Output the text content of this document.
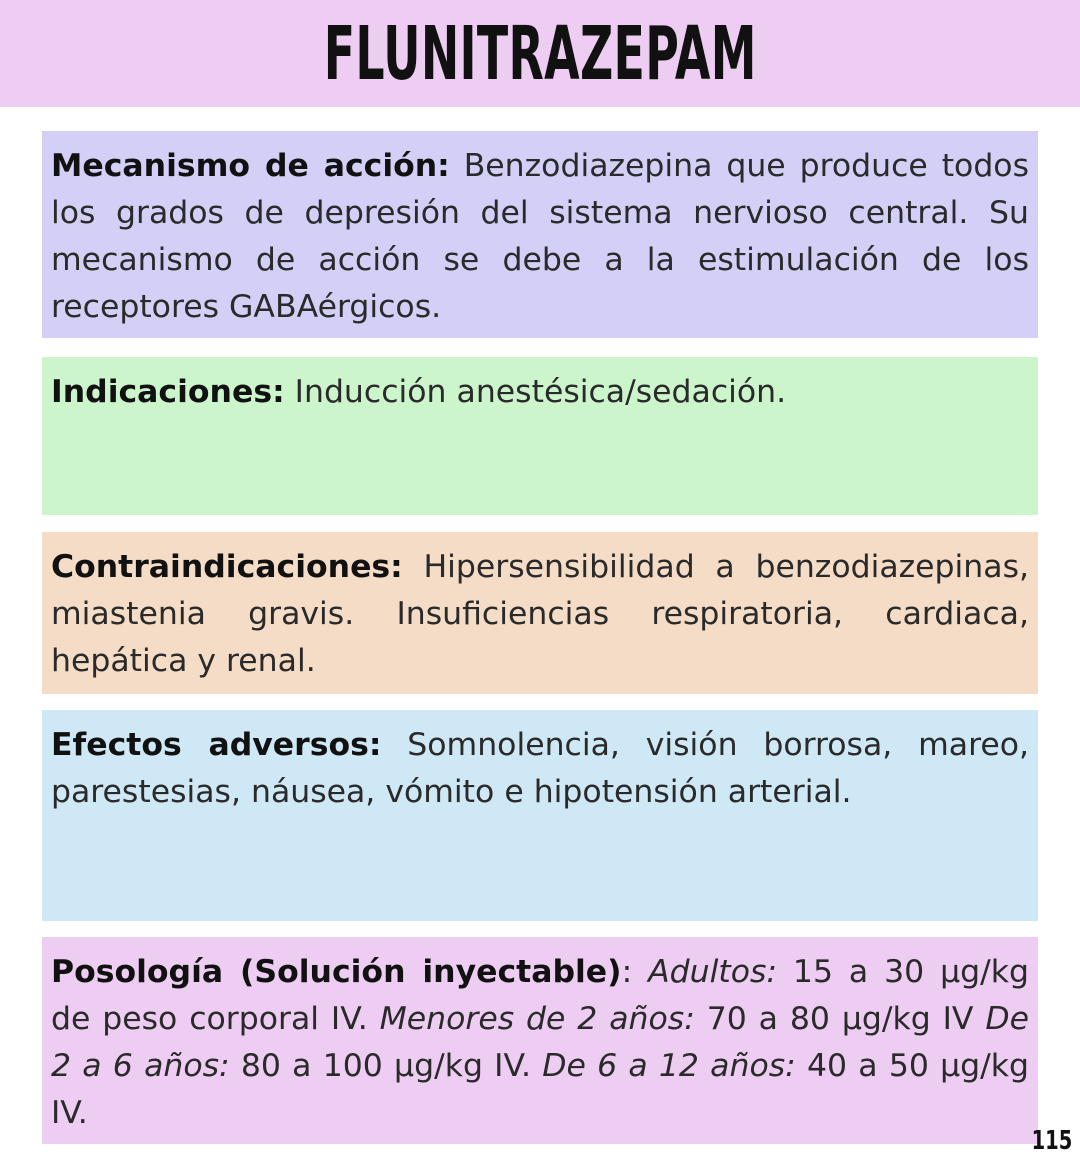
FLUNITRAZEPAM

Mecanismo de acción: Benzodiazepina que produce todos los grados de depresión del sistema nervioso central. Su mecanismo de acción se debe a la estimulación de los receptores GABAérgicos.

Indicaciones: Inducción anestésica/sedación.

Contraindicaciones: Hipersensibilidad a benzodiazepinas, miastenia gravis. Insuficiencias respiratoria, cardiaca, hepática y renal.

Efectos adversos: Somnolencia, visión borrosa, mareo, parestesias, náusea, vómito e hipotensión arterial.

Posología (Solución inyectable): Adultos: 15 a 30 μg/kg de peso corporal IV. Menores de 2 años: 70 a 80 μg/kg IV De 2 a 6 años: 80 a 100 μg/kg IV. De 6 a 12 años: 40 a 50 μg/kg IV.

115
